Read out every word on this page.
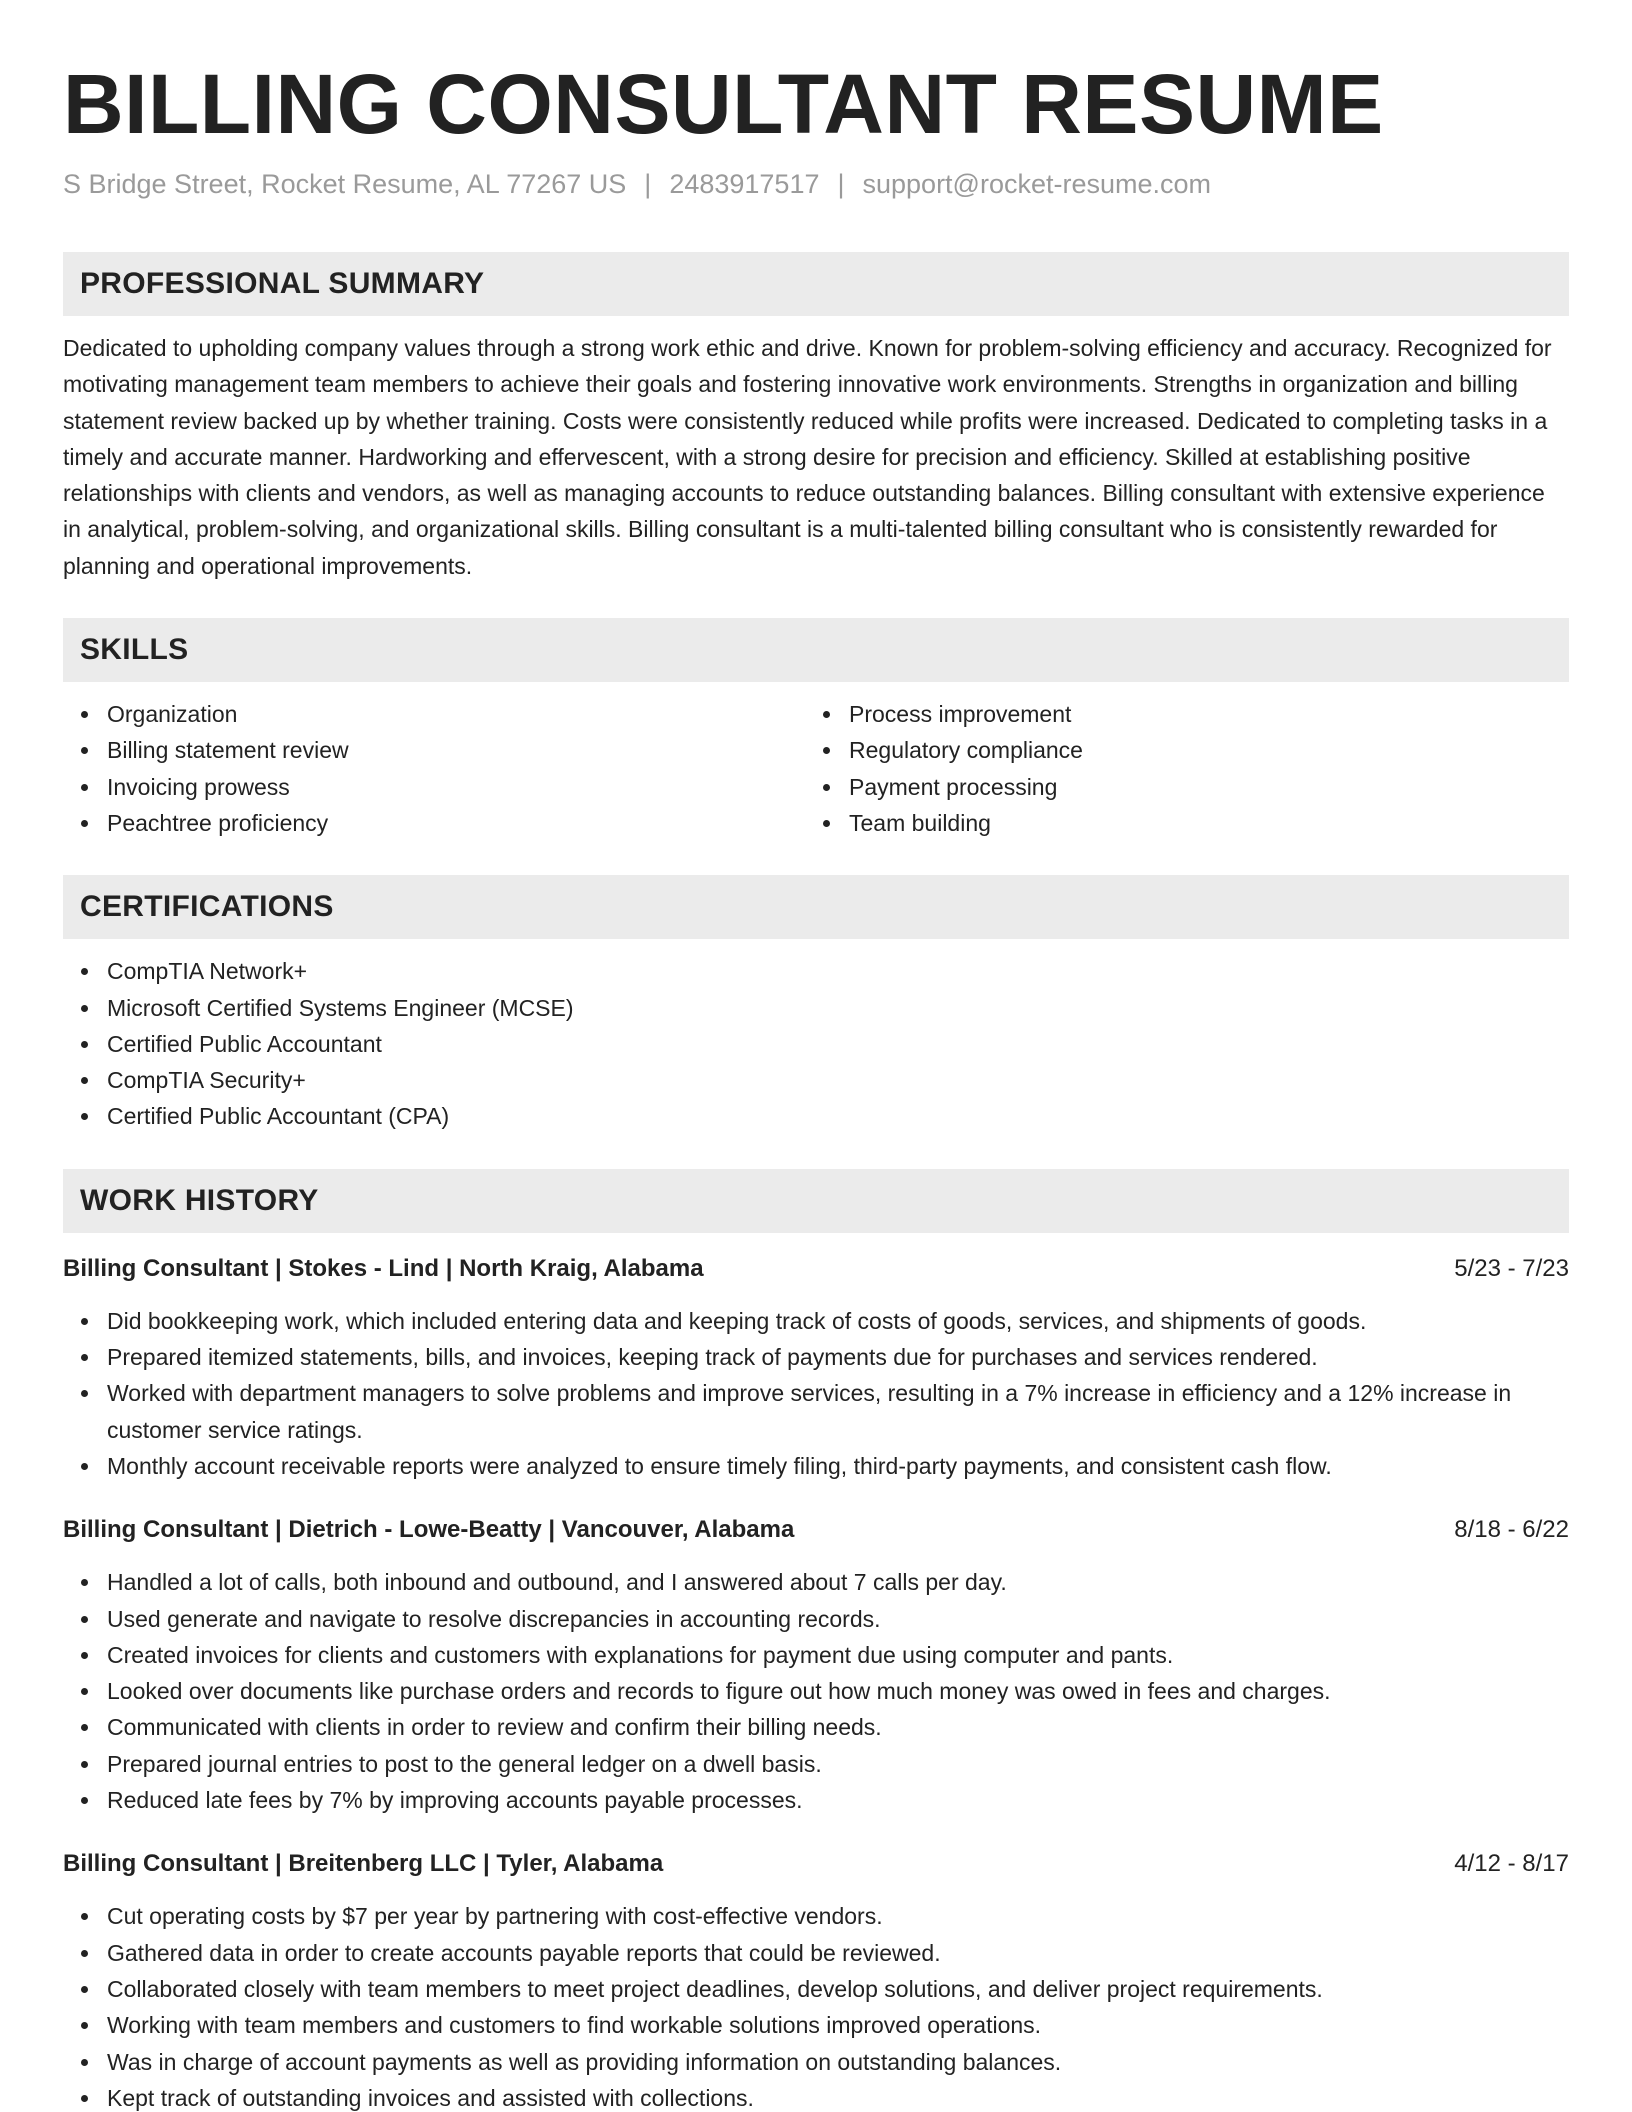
BILLING CONSULTANT RESUME
S Bridge Street, Rocket Resume, AL 77267 US | 2483917517 | support@rocket-resume.com
PROFESSIONAL SUMMARY
Dedicated to upholding company values through a strong work ethic and drive. Known for problem-solving efficiency and accuracy. Recognized for motivating management team members to achieve their goals and fostering innovative work environments. Strengths in organization and billing statement review backed up by whether training. Costs were consistently reduced while profits were increased. Dedicated to completing tasks in a timely and accurate manner. Hardworking and effervescent, with a strong desire for precision and efficiency. Skilled at establishing positive relationships with clients and vendors, as well as managing accounts to reduce outstanding balances. Billing consultant with extensive experience in analytical, problem-solving, and organizational skills. Billing consultant is a multi-talented billing consultant who is consistently rewarded for planning and operational improvements.
SKILLS
Organization
Billing statement review
Invoicing prowess
Peachtree proficiency
Process improvement
Regulatory compliance
Payment processing
Team building
CERTIFICATIONS
CompTIA Network+
Microsoft Certified Systems Engineer (MCSE)
Certified Public Accountant
CompTIA Security+
Certified Public Accountant (CPA)
WORK HISTORY
Billing Consultant | Stokes - Lind | North Kraig, Alabama	5/23 - 7/23
Did bookkeeping work, which included entering data and keeping track of costs of goods, services, and shipments of goods.
Prepared itemized statements, bills, and invoices, keeping track of payments due for purchases and services rendered.
Worked with department managers to solve problems and improve services, resulting in a 7% increase in efficiency and a 12% increase in customer service ratings.
Monthly account receivable reports were analyzed to ensure timely filing, third-party payments, and consistent cash flow.
Billing Consultant | Dietrich - Lowe-Beatty | Vancouver, Alabama	8/18 - 6/22
Handled a lot of calls, both inbound and outbound, and I answered about 7 calls per day.
Used generate and navigate to resolve discrepancies in accounting records.
Created invoices for clients and customers with explanations for payment due using computer and pants.
Looked over documents like purchase orders and records to figure out how much money was owed in fees and charges.
Communicated with clients in order to review and confirm their billing needs.
Prepared journal entries to post to the general ledger on a dwell basis.
Reduced late fees by 7% by improving accounts payable processes.
Billing Consultant | Breitenberg LLC | Tyler, Alabama	4/12 - 8/17
Cut operating costs by $7 per year by partnering with cost-effective vendors.
Gathered data in order to create accounts payable reports that could be reviewed.
Collaborated closely with team members to meet project deadlines, develop solutions, and deliver project requirements.
Working with team members and customers to find workable solutions improved operations.
Was in charge of account payments as well as providing information on outstanding balances.
Kept track of outstanding invoices and assisted with collections.
